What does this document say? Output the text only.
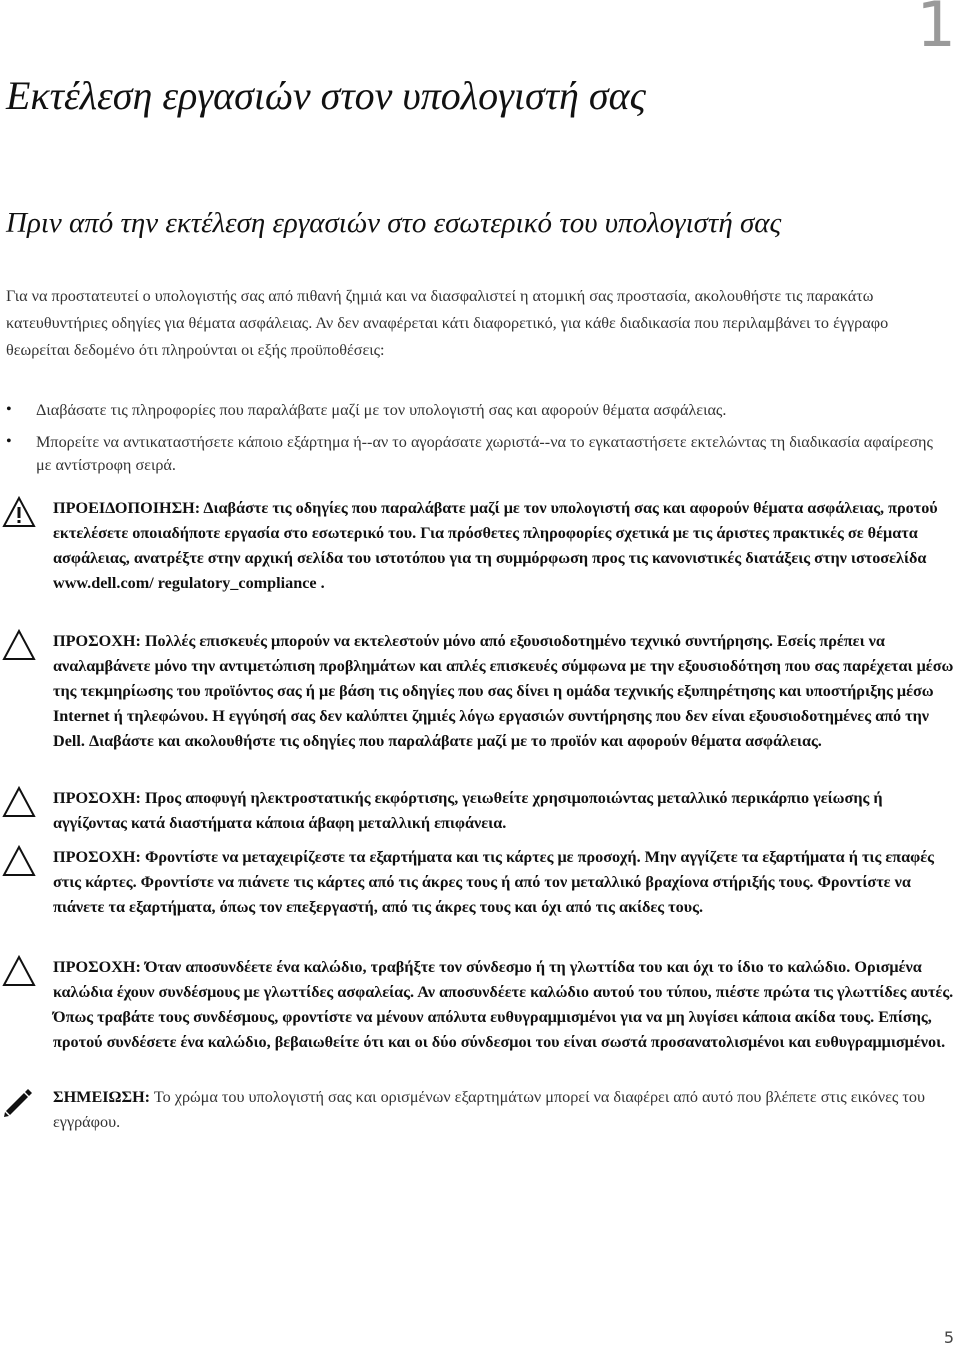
1
Εκτέλεση εργασιών στον υπολογιστή σας
Πριν από την εκτέλεση εργασιών στο εσωτερικό του υπολογιστή σας

Για να προστατευτεί ο υπολογιστής σας από πιθανή ζημιά και να διασφαλιστεί η ατομική σας προστασία, ακολουθήστε τις παρακάτω κατευθυντήριες οδηγίες για θέματα ασφάλειας. Αν δεν αναφέρεται κάτι διαφορετικό, για κάθε διαδικασία που περιλαμβάνει το έγγραφο θεωρείται δεδομένο ότι πληρούνται οι εξής προϋποθέσεις:

• Διαβάσατε τις πληροφορίες που παραλάβατε μαζί με τον υπολογιστή σας και αφορούν θέματα ασφάλειας.
• Μπορείτε να αντικαταστήσετε κάποιο εξάρτημα ή--αν το αγοράσατε χωριστά--να το εγκαταστήσετε εκτελώντας τη διαδικασία αφαίρεσης με αντίστροφη σειρά.
ΠΡΟΕΙΔΟΠΟΙΗΣΗ: Διαβάστε τις οδηγίες που παραλάβατε μαζί με τον υπολογιστή σας και αφορούν θέματα ασφάλειας, προτού εκτελέσετε οποιαδήποτε εργασία στο εσωτερικό του. Για πρόσθετες πληροφορίες σχετικά με τις άριστες πρακτικές σε θέματα ασφάλειας, ανατρέξτε στην αρχική σελίδα του ιστοτόπου για τη συμμόρφωση προς τις κανονιστικές διατάξεις στην ιστοσελίδα www.dell.com/ regulatory_compliance .
ΠΡΟΣΟΧΗ: Πολλές επισκευές μπορούν να εκτελεστούν μόνο από εξουσιοδοτημένο τεχνικό συντήρησης. Εσείς πρέπει να αναλαμβάνετε μόνο την αντιμετώπιση προβλημάτων και απλές επισκευές σύμφωνα με την εξουσιοδότηση που σας παρέχεται μέσω της τεκμηρίωσης του προϊόντος σας ή με βάση τις οδηγίες που σας δίνει η ομάδα τεχνικής εξυπηρέτησης και υποστήριξης μέσω Internet ή τηλεφώνου. Η εγγύησή σας δεν καλύπτει ζημιές λόγω εργασιών συντήρησης που δεν είναι εξουσιοδοτημένες από την Dell. Διαβάστε και ακολουθήστε τις οδηγίες που παραλάβατε μαζί με το προϊόν και αφορούν θέματα ασφάλειας.
ΠΡΟΣΟΧΗ: Προς αποφυγή ηλεκτροστατικής εκφόρτισης, γειωθείτε χρησιμοποιώντας μεταλλικό περικάρπιο γείωσης ή αγγίζοντας κατά διαστήματα κάποια άβαφη μεταλλική επιφάνεια.
ΠΡΟΣΟΧΗ: Φροντίστε να μεταχειρίζεστε τα εξαρτήματα και τις κάρτες με προσοχή. Μην αγγίζετε τα εξαρτήματα ή τις επαφές στις κάρτες. Φροντίστε να πιάνετε τις κάρτες από τις άκρες τους ή από τον μεταλλικό βραχίονα στήριξής τους. Φροντίστε να πιάνετε τα εξαρτήματα, όπως τον επεξεργαστή, από τις άκρες τους και όχι από τις ακίδες τους.
ΠΡΟΣΟΧΗ: Όταν αποσυνδέετε ένα καλώδιο, τραβήξτε τον σύνδεσμο ή τη γλωττίδα του και όχι το ίδιο το καλώδιο. Ορισμένα καλώδια έχουν συνδέσμους με γλωττίδες ασφαλείας. Αν αποσυνδέετε καλώδιο αυτού του τύπου, πιέστε πρώτα τις γλωττίδες αυτές. Όπως τραβάτε τους συνδέσμους, φροντίστε να μένουν απόλυτα ευθυγραμμισμένοι για να μη λυγίσει κάποια ακίδα τους. Επίσης, προτού συνδέσετε ένα καλώδιο, βεβαιωθείτε ότι και οι δύο σύνδεσμοι του είναι σωστά προσανατολισμένοι και ευθυγραμμισμένοι.
ΣΗΜΕΙΩΣΗ: Το χρώμα του υπολογιστή σας και ορισμένων εξαρτημάτων μπορεί να διαφέρει από αυτό που βλέπετε στις εικόνες του εγγράφου.
5
